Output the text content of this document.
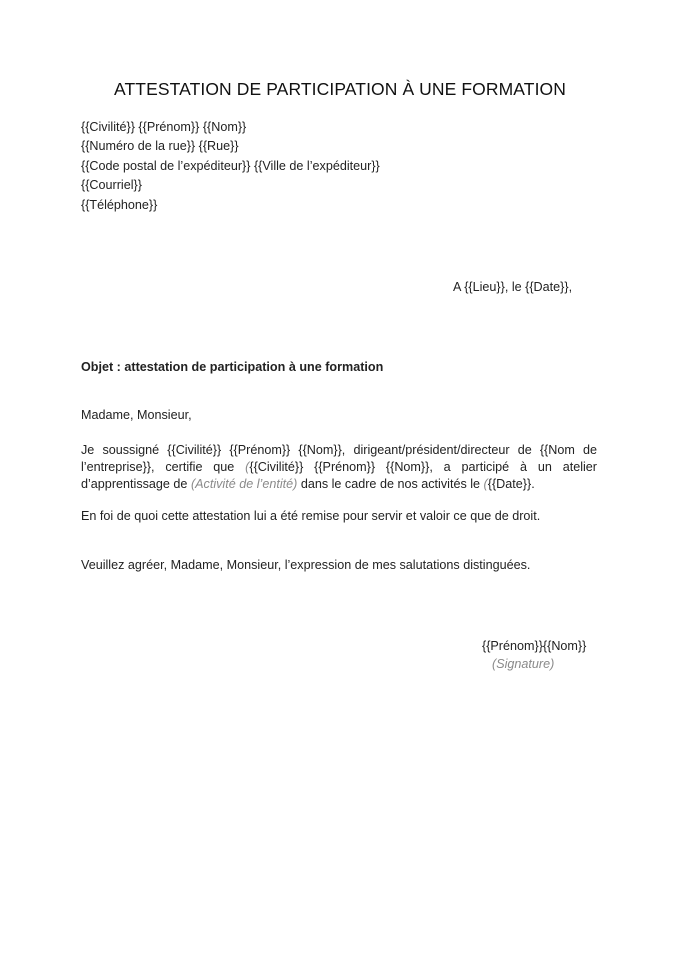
ATTESTATION DE PARTICIPATION À UNE FORMATION
{{Civilité}} {{Prénom}} {{Nom}}
{{Numéro de la rue}} {{Rue}}
{{Code postal de l’expéditeur}} {{Ville de l’expéditeur}}
{{Courriel}}
{{Téléphone}}
A {{Lieu}}, le {{Date}},
Objet : attestation de participation à une formation
Madame, Monsieur,
Je soussigné {{Civilité}} {{Prénom}} {{Nom}}, dirigeant/président/directeur de {{Nom de l’entreprise}}, certifie que ({{Civilité}} {{Prénom}} {{Nom}}, a participé à un atelier d’apprentissage de (Activité de l’entité) dans le cadre de nos activités le ({{Date}}.
En foi de quoi cette attestation lui a été remise pour servir et valoir ce que de droit.
Veuillez agréer, Madame, Monsieur, l’expression de mes salutations distinguées.
{{Prénom}}{{Nom}}
(Signature)
